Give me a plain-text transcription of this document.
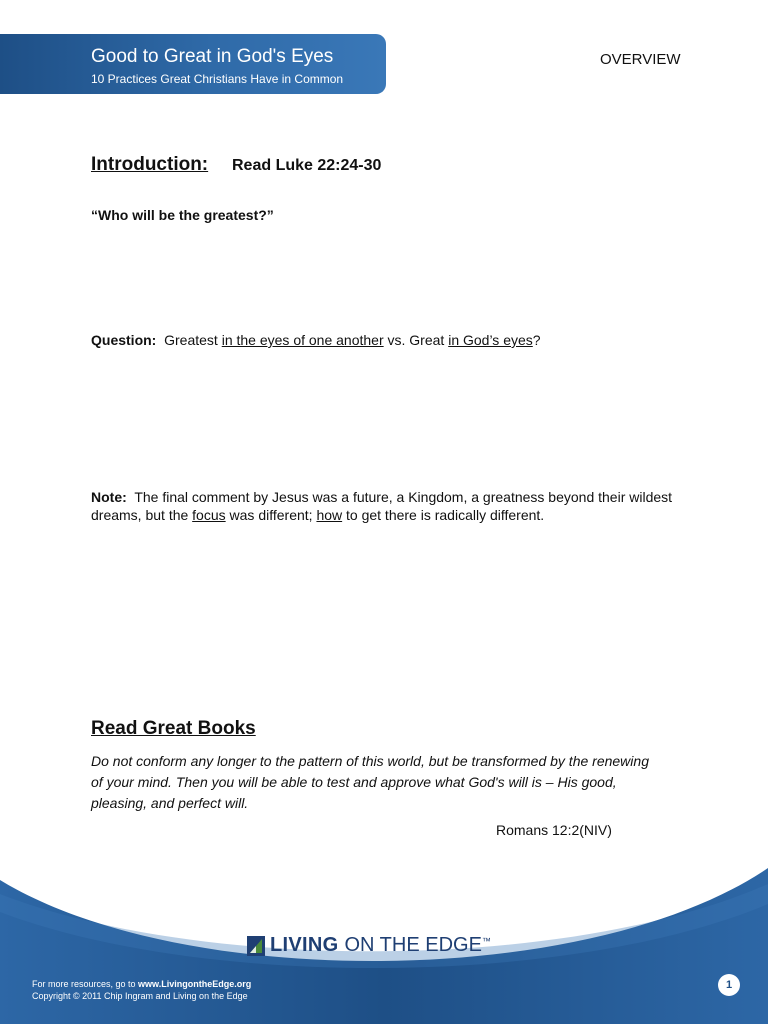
Good to Great in God's Eyes
10 Practices Great Christians Have in Common
OVERVIEW
Introduction: Read Luke 22:24-30
“Who will be the greatest?”
Question: Greatest in the eyes of one another vs. Great in God’s eyes?
Note: The final comment by Jesus was a future, a Kingdom, a greatness beyond their wildest dreams, but the focus was different; how to get there is radically different.
Read Great Books
Do not conform any longer to the pattern of this world, but be transformed by the renewing of your mind. Then you will be able to test and approve what God's will is – His good, pleasing, and perfect will.
Romans 12:2(NIV)
LIVING ON THE EDGE ™
For more resources, go to www.LivingontheEdge.org
Copyright © 2011 Chip Ingram and Living on the Edge
1
